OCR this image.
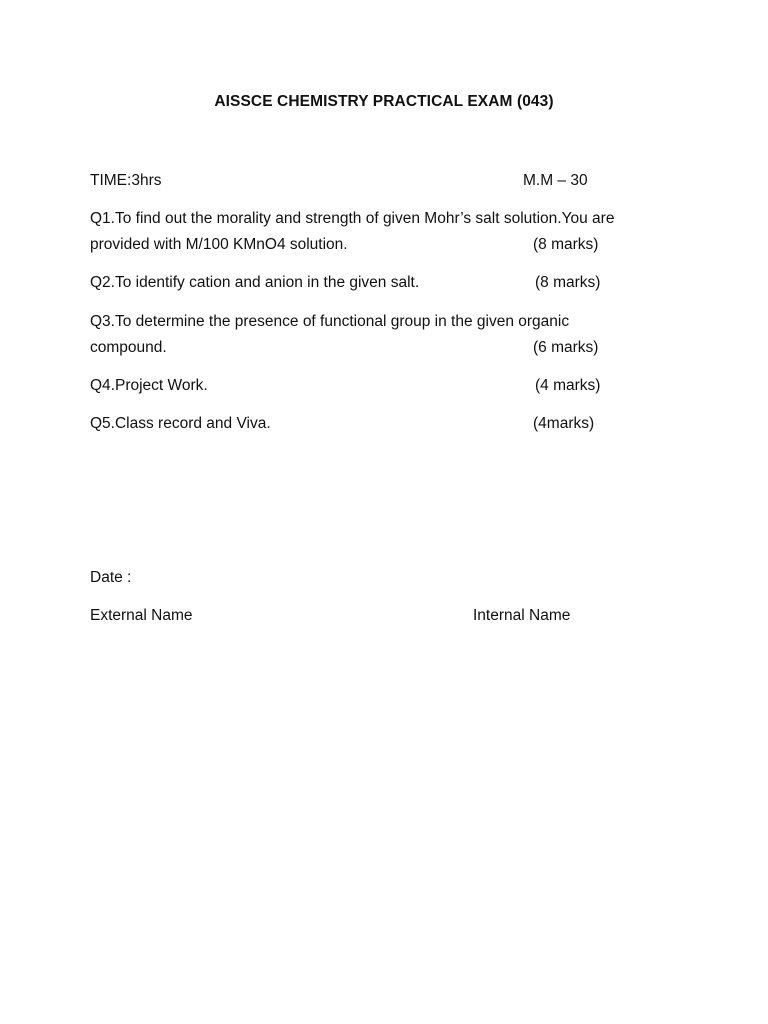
AISSCE CHEMISTRY PRACTICAL EXAM (043)
TIME:3hrs	M.M – 30
Q1.To find out the morality and strength of given Mohr’s salt solution.You are
provided with M/100 KMnO4 solution.	(8 marks)
Q2.To identify cation and anion in the given salt.	(8 marks)
Q3.To determine the presence of functional group in the given organic
compound.	(6 marks)
Q4.Project Work.	(4 marks)
Q5.Class record and Viva.	(4marks)
Date :
External Name	Internal Name
